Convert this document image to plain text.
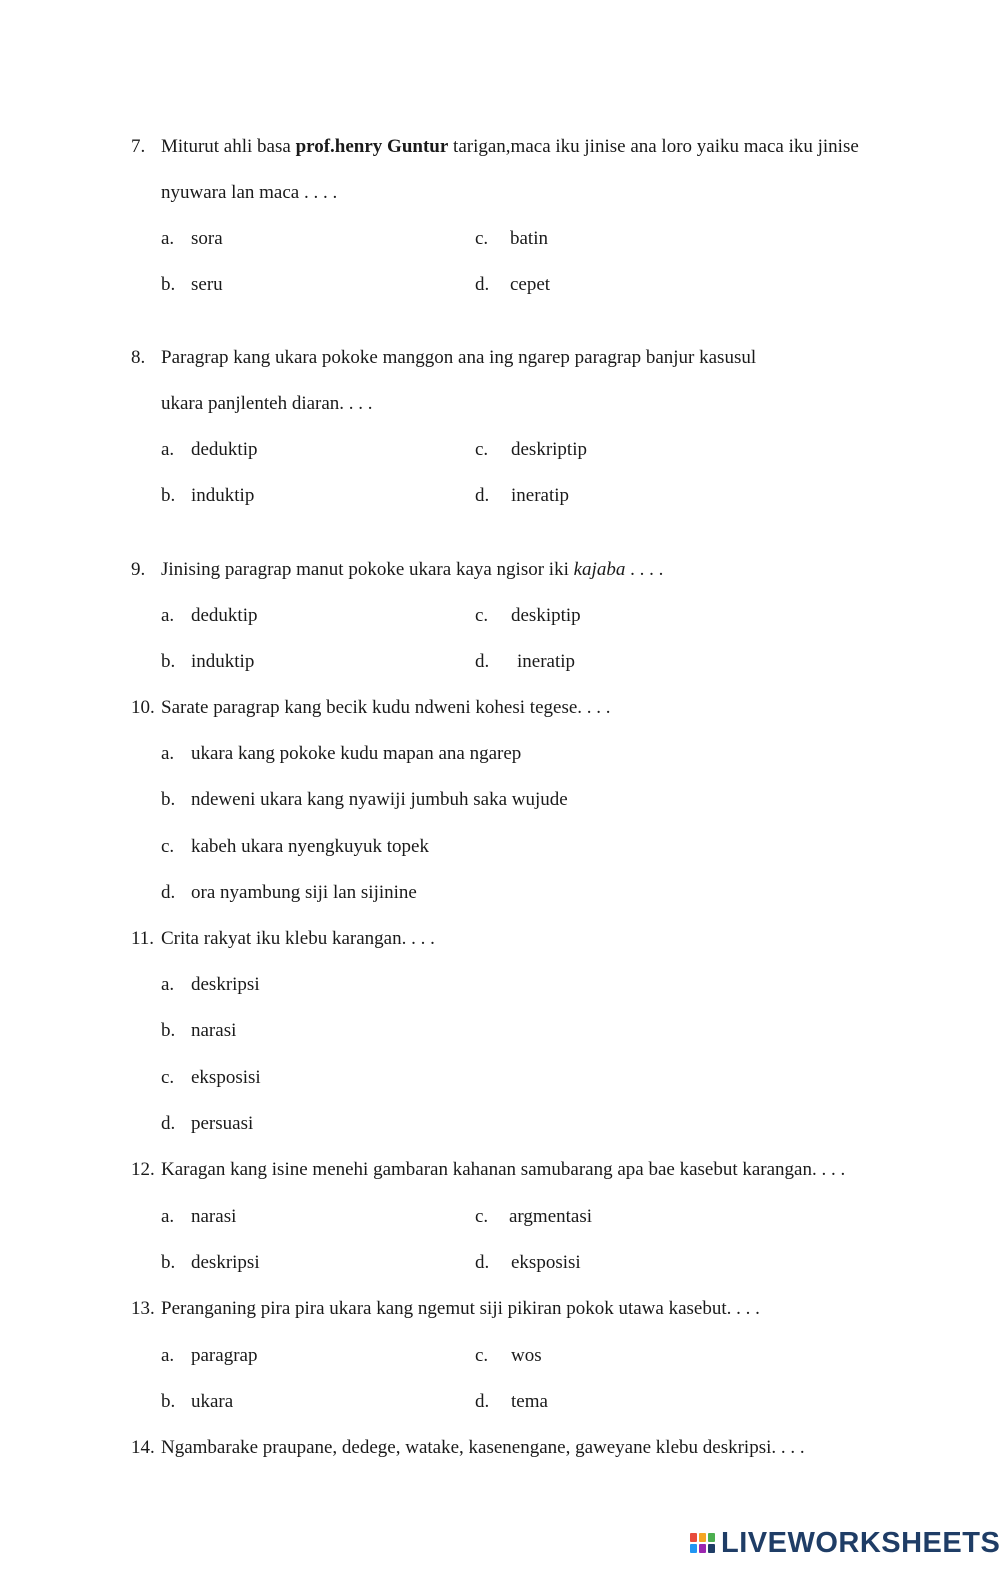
7. Miturut ahli basa prof.henry Guntur tarigan,maca iku jinise ana loro yaiku maca iku jinise
nyuwara lan maca . . . .
a. sora
b. seru
c. batin
d. cepet
8. Paragrap kang ukara pokoke manggon ana ing ngarep paragrap banjur kasusul
ukara panjlenteh diaran. . . .
a. deduktip
b. induktip
c. deskriptip
d. ineratip
9. Jinising paragrap manut pokoke ukara kaya ngisor iki kajaba . . . .
a. deduktip
b. induktip
c. deskiptip
d. ineratip
10. Sarate paragrap kang becik kudu ndweni kohesi tegese. . . .
a. ukara kang pokoke kudu mapan ana ngarep
b. ndeweni ukara kang nyawiji jumbuh saka wujude
c. kabeh ukara nyengkuyuk topek
d. ora nyambung siji lan sijinine
11. Crita rakyat iku klebu karangan. . . .
a. deskripsi
b. narasi
c. eksposisi
d. persuasi
12. Karagan kang isine menehi gambaran kahanan samubarang apa bae kasebut karangan. . . .
a. narasi
b. deskripsi
c. argmentasi
d. eksposisi
13. Peranganing pira pira ukara kang ngemut siji pikiran pokok utawa kasebut. . . .
a. paragrap
b. ukara
c. wos
d. tema
14. Ngambarake praupane, dedege, watake, kasenengane, gaweyane klebu deskripsi. . . .
LIVEWORKSHEETS
